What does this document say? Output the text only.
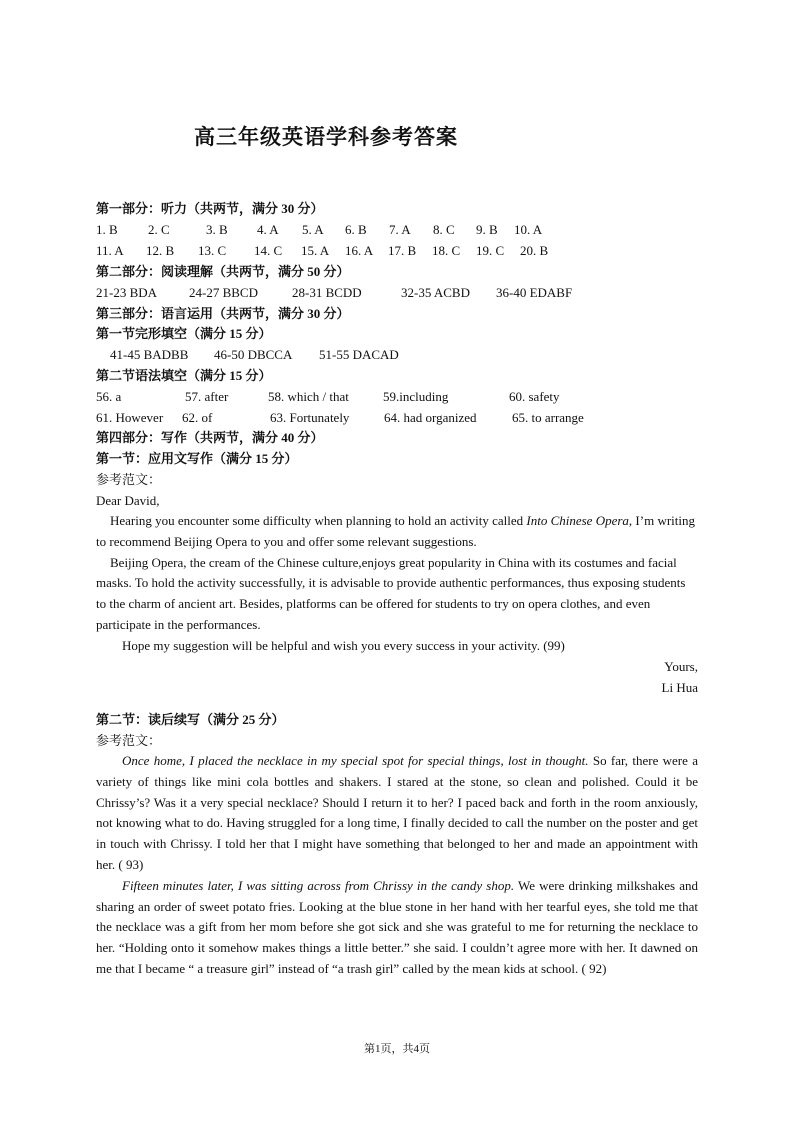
高三年级英语学科参考答案
第一部分：听力（共两节，满分 30 分）
1. B 2. C	3. B 4. A 5. A 6. B 7. A 8. C 9. B 10. A
11. A 12. B 13. C 14. C 15. A 16. A 17. B 18. C 19. C 20. B
第二部分：阅读理解（共两节，满分 50 分）
21-23 BDA 24-27 BBCD	28-31 BCDD	32-35 ACBD 36-40 EDABF
第三部分：语言运用（共两节，满分 30 分）
第一节完形填空（满分 15 分）
41-45 BADBB 46-50 DBCCA 51-55 DACAD
第二节语法填空（满分 15 分）
56. a	57. after	58. which / that	59.including	60. safety
61. However 62. of	63. Fortunately	64. had organized	65. to arrange
第四部分：写作（共两节，满分 40 分）
第一节：应用文写作（满分 15 分）
参考范文：
Dear David,

Hearing you encounter some difficulty when planning to hold an activity called Into Chinese Opera, I’m writing to recommend Beijing Opera to you and offer some relevant suggestions.

Beijing Opera, the cream of the Chinese culture,enjoys great popularity in China with its costumes and facial masks. To hold the activity successfully, it is advisable to provide authentic performances, thus exposing students to the charm of ancient art. Besides, platforms can be offered for students to try on opera clothes, and even participate in the performances.

Hope my suggestion will be helpful and wish you every success in your activity. (99)

Yours,
Li Hua
第二节：读后续写（满分 25 分）
参考范文：

Once home, I placed the necklace in my special spot for special things, lost in thought. So far, there were a variety of things like mini cola bottles and shakers. I stared at the stone, so clean and polished. Could it be Chrissy’s? Was it a very special necklace? Should I return it to her? I paced back and forth in the room anxiously, not knowing what to do. Having struggled for a long time, I finally decided to call the number on the poster and get in touch with Chrissy. I told her that I might have something that belonged to her and made an appointment with her. ( 93)

Fifteen minutes later, I was sitting across from Chrissy in the candy shop. We were drinking milkshakes and sharing an order of sweet potato fries. Looking at the blue stone in her hand with her tearful eyes, she told me that the necklace was a gift from her mom before she got sick and she was grateful to me for returning the necklace to her. “Holding onto it somehow makes things a little better.” she said. I couldn’t agree more with her. It dawned on me that I became “ a treasure girl” instead of “a trash girl” called by the mean kids at school. ( 92)

第1页，共4页
